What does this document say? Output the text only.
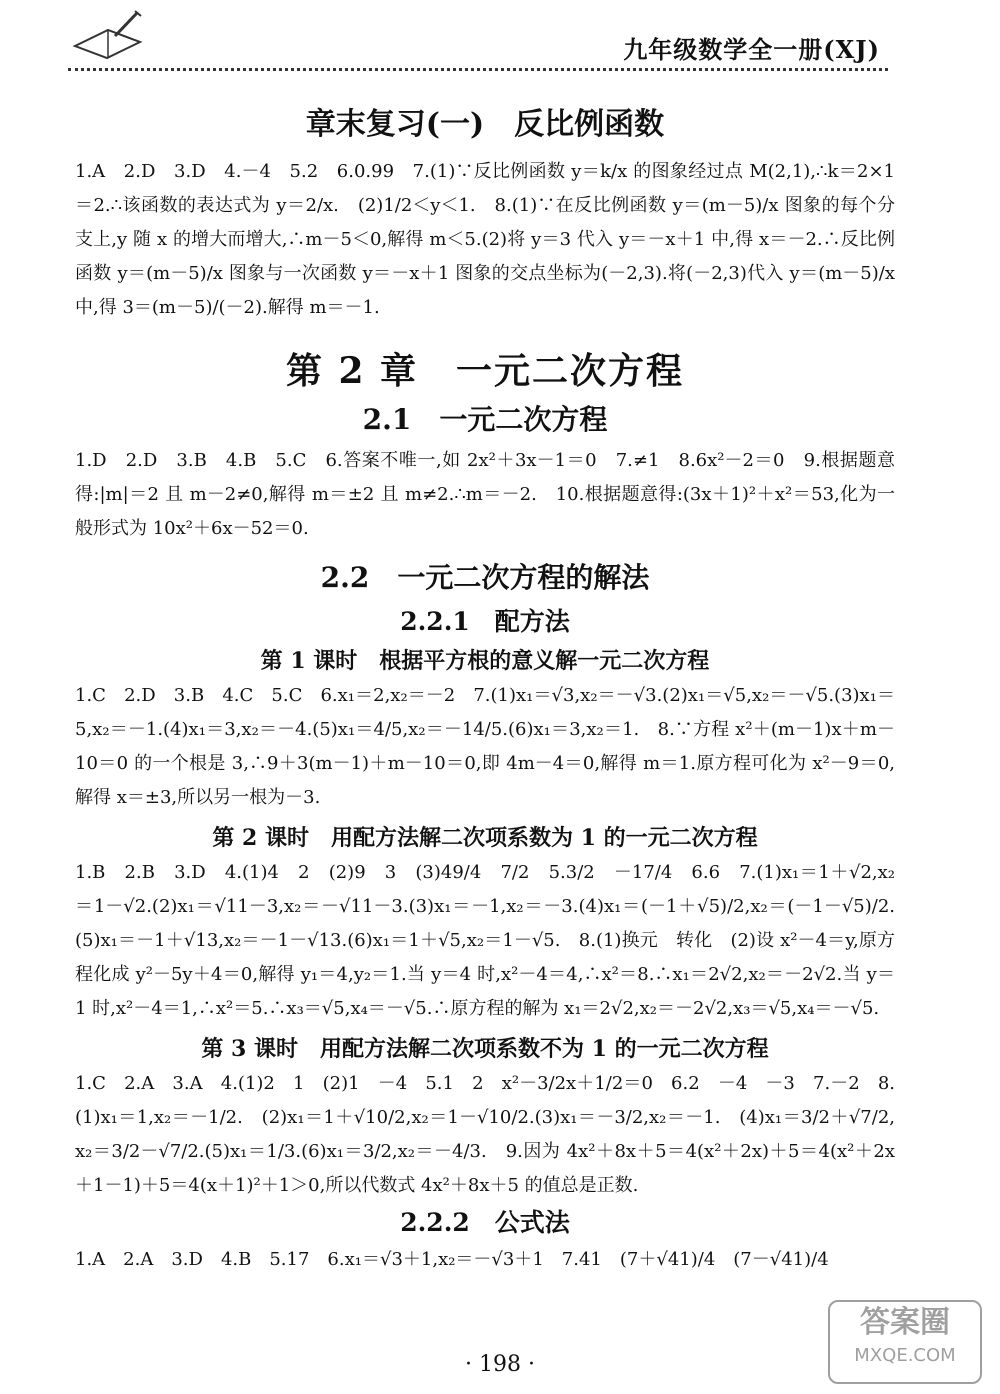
九年级数学全一册(XJ)
章末复习(一)　反比例函数

1.A　2.D　3.D　4.－4　5.2　6.0.99　7.(1)∵反比例函数 y＝k/x 的图象经过点 M(2,1),∴k＝2×1＝2.∴该函数的表达式为 y＝2/x.　(2)1/2＜y＜1.　8.(1)∵在反比例函数 y＝(m－5)/x 图象的每个分支上,y 随 x 的增大而增大,∴m－5＜0,解得 m＜5.(2)将 y＝3 代入 y＝－x＋1 中,得 x＝－2.∴反比例函数 y＝(m－5)/x 图象与一次函数 y＝－x＋1 图象的交点坐标为(－2,3).将(－2,3)代入 y＝(m－5)/x 中,得 3＝(m－5)/(－2).解得 m＝－1.

第 2 章　一元二次方程
2.1　一元二次方程

1.D　2.D　3.B　4.B　5.C　6.答案不唯一,如 2x²＋3x－1＝0　7.≠1　8.6x²－2＝0　9.根据题意得:|m|＝2 且 m－2≠0,解得 m＝±2 且 m≠2.∴m＝－2.　10.根据题意得:(3x＋1)²＋x²＝53,化为一般形式为 10x²＋6x－52＝0.

2.2　一元二次方程的解法
2.2.1　配方法
第 1 课时　根据平方根的意义解一元二次方程

1.C　2.D　3.B　4.C　5.C　6.x₁＝2,x₂＝－2　7.(1)x₁＝√3,x₂＝－√3.(2)x₁＝√5,x₂＝－√5.(3)x₁＝5,x₂＝－1.(4)x₁＝3,x₂＝－4.(5)x₁＝4/5,x₂＝－14/5.(6)x₁＝3,x₂＝1.　8.∵方程 x²＋(m－1)x＋m－10＝0 的一个根是 3,∴9＋3(m－1)＋m－10＝0,即 4m－4＝0,解得 m＝1.原方程可化为 x²－9＝0,解得 x＝±3,所以另一根为－3.

第 2 课时　用配方法解二次项系数为 1 的一元二次方程

1.B　2.B　3.D　4.(1)4　2　(2)9　3　(3)49/4　7/2　5.3/2　－17/4　6.6　7.(1)x₁＝1＋√2,x₂＝1－√2.(2)x₁＝√11－3,x₂＝－√11－3.(3)x₁＝－1,x₂＝－3.(4)x₁＝(－1＋√5)/2,x₂＝(－1－√5)/2.(5)x₁＝－1＋√13,x₂＝－1－√13.(6)x₁＝1＋√5,x₂＝1－√5.　8.(1)换元　转化　(2)设 x²－4＝y,原方程化成 y²－5y＋4＝0,解得 y₁＝4,y₂＝1.当 y＝4 时,x²－4＝4,∴x²＝8.∴x₁＝2√2,x₂＝－2√2.当 y＝1 时,x²－4＝1,∴x²＝5.∴x₃＝√5,x₄＝－√5.∴原方程的解为 x₁＝2√2,x₂＝－2√2,x₃＝√5,x₄＝－√5.

第 3 课时　用配方法解二次项系数不为 1 的一元二次方程

1.C　2.A　3.A　4.(1)2　1　(2)1　－4　5.1　2　x²－3/2x＋1/2＝0　6.2　－4　－3　7.－2　8.(1)x₁＝1,x₂＝－1/2.　(2)x₁＝1＋√10/2,x₂＝1－√10/2.(3)x₁＝－3/2,x₂＝－1.　(4)x₁＝3/2＋√7/2,x₂＝3/2－√7/2.(5)x₁＝1/3.(6)x₁＝3/2,x₂＝－4/3.　9.因为 4x²＋8x＋5＝4(x²＋2x)＋5＝4(x²＋2x＋1－1)＋5＝4(x＋1)²＋1＞0,所以代数式 4x²＋8x＋5 的值总是正数.

2.2.2　公式法

1.A　2.A　3.D　4.B　5.17　6.x₁＝√3＋1,x₂＝－√3＋1　7.41　(7＋√41)/4　(7－√41)/4

· 198 ·
答案圈
MXQE.COM
